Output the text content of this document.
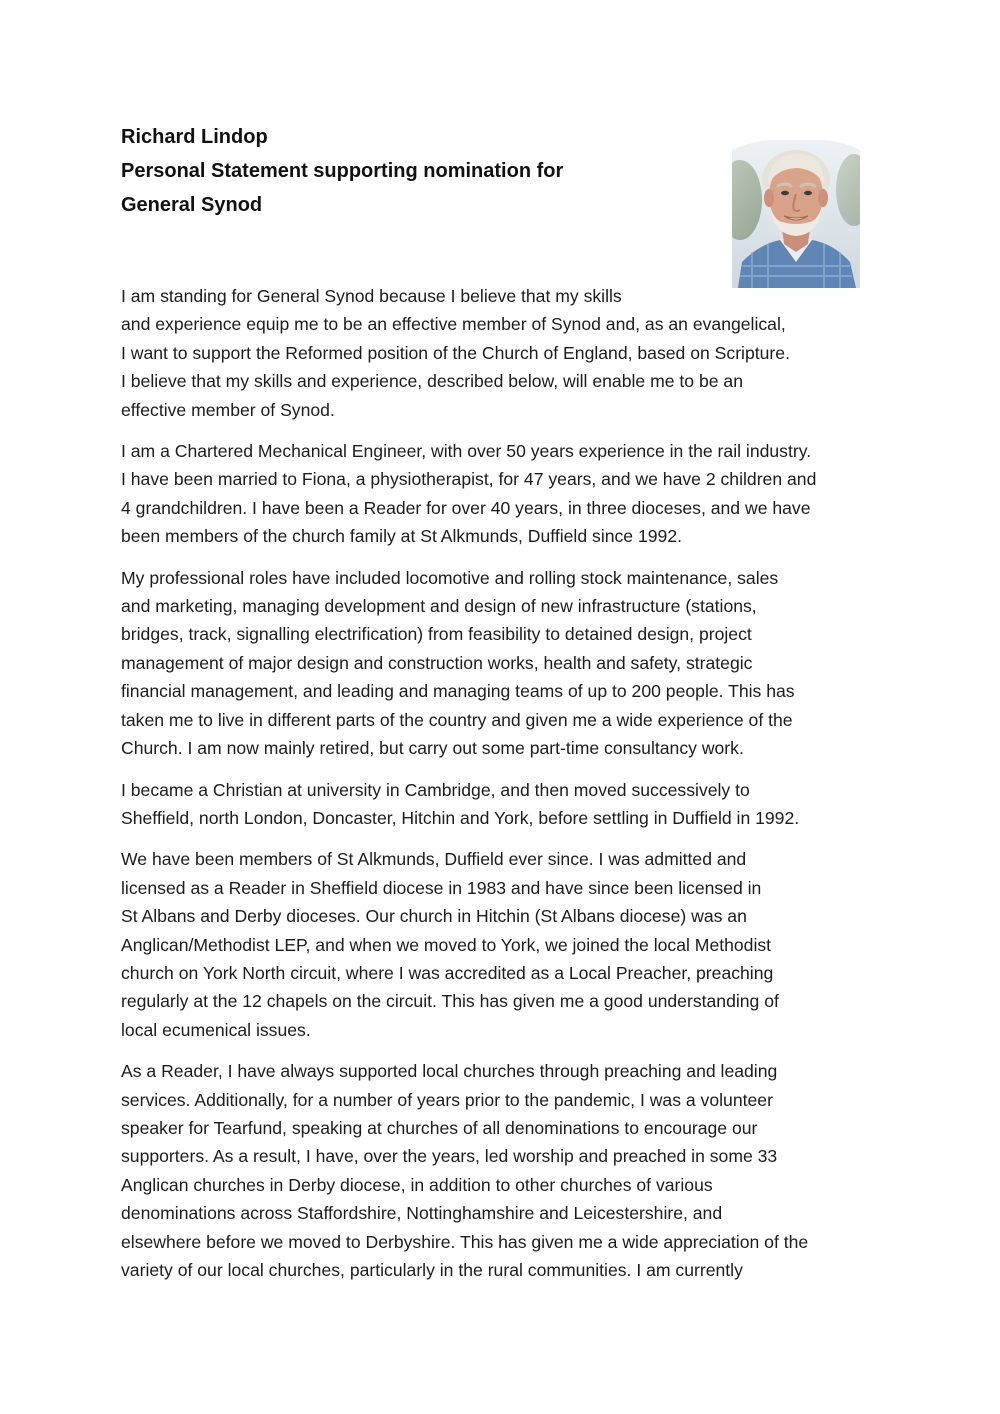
Richard Lindop
Personal Statement supporting nomination for
General Synod

I am standing for General Synod because I believe that my skills
and experience equip me to be an effective member of Synod and, as an evangelical,
I want to support the Reformed position of the Church of England, based on Scripture.
I believe that my skills and experience, described below, will enable me to be an
effective member of Synod.

I am a Chartered Mechanical Engineer, with over 50 years experience in the rail industry.
I have been married to Fiona, a physiotherapist, for 47 years, and we have 2 children and
4 grandchildren. I have been a Reader for over 40 years, in three dioceses, and we have
been members of the church family at St Alkmunds, Duffield since 1992.

My professional roles have included locomotive and rolling stock maintenance, sales
and marketing, managing development and design of new infrastructure (stations,
bridges, track, signalling electrification) from feasibility to detained design, project
management of major design and construction works, health and safety, strategic
financial management, and leading and managing teams of up to 200 people. This has
taken me to live in different parts of the country and given me a wide experience of the
Church. I am now mainly retired, but carry out some part-time consultancy work.

I became a Christian at university in Cambridge, and then moved successively to
Sheffield, north London, Doncaster, Hitchin and York, before settling in Duffield in 1992.

We have been members of St Alkmunds, Duffield ever since. I was admitted and
licensed as a Reader in Sheffield diocese in 1983 and have since been licensed in
St Albans and Derby dioceses. Our church in Hitchin (St Albans diocese) was an
Anglican/Methodist LEP, and when we moved to York, we joined the local Methodist
church on York North circuit, where I was accredited as a Local Preacher, preaching
regularly at the 12 chapels on the circuit. This has given me a good understanding of
local ecumenical issues.

As a Reader, I have always supported local churches through preaching and leading
services. Additionally, for a number of years prior to the pandemic, I was a volunteer
speaker for Tearfund, speaking at churches of all denominations to encourage our
supporters. As a result, I have, over the years, led worship and preached in some 33
Anglican churches in Derby diocese, in addition to other churches of various
denominations across Staffordshire, Nottinghamshire and Leicestershire, and
elsewhere before we moved to Derbyshire. This has given me a wide appreciation of the
variety of our local churches, particularly in the rural communities. I am currently
